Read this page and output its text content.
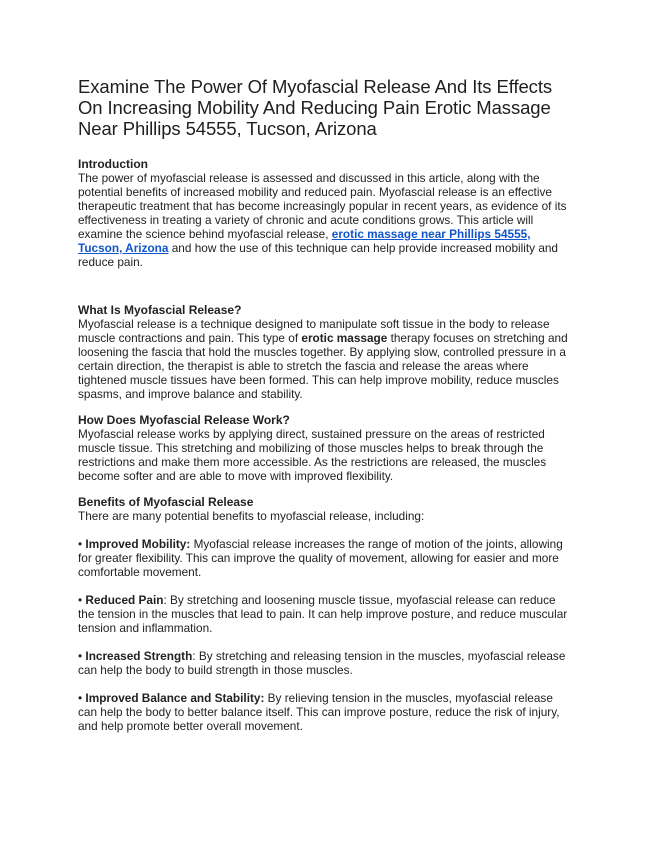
Examine The Power Of Myofascial Release And Its Effects On Increasing Mobility And Reducing Pain Erotic Massage Near Phillips 54555, Tucson, Arizona
Introduction

The power of myofascial release is assessed and discussed in this article, along with the potential benefits of increased mobility and reduced pain. Myofascial release is an effective therapeutic treatment that has become increasingly popular in recent years, as evidence of its effectiveness in treating a variety of chronic and acute conditions grows. This article will examine the science behind myofascial release, erotic massage near Phillips 54555, Tucson, Arizona and how the use of this technique can help provide increased mobility and reduce pain.

What Is Myofascial Release?

Myofascial release is a technique designed to manipulate soft tissue in the body to release muscle contractions and pain. This type of erotic massage therapy focuses on stretching and loosening the fascia that hold the muscles together. By applying slow, controlled pressure in a certain direction, the therapist is able to stretch the fascia and release the areas where tightened muscle tissues have been formed. This can help improve mobility, reduce muscles spasms, and improve balance and stability.

How Does Myofascial Release Work?

Myofascial release works by applying direct, sustained pressure on the areas of restricted muscle tissue. This stretching and mobilizing of those muscles helps to break through the restrictions and make them more accessible. As the restrictions are released, the muscles become softer and are able to move with improved flexibility.

Benefits of Myofascial Release

There are many potential benefits to myofascial release, including:

• Improved Mobility: Myofascial release increases the range of motion of the joints, allowing for greater flexibility. This can improve the quality of movement, allowing for easier and more comfortable movement.

• Reduced Pain: By stretching and loosening muscle tissue, myofascial release can reduce the tension in the muscles that lead to pain. It can help improve posture, and reduce muscular tension and inflammation.

• Increased Strength: By stretching and releasing tension in the muscles, myofascial release can help the body to build strength in those muscles.

• Improved Balance and Stability: By relieving tension in the muscles, myofascial release can help the body to better balance itself. This can improve posture, reduce the risk of injury, and help promote better overall movement.
